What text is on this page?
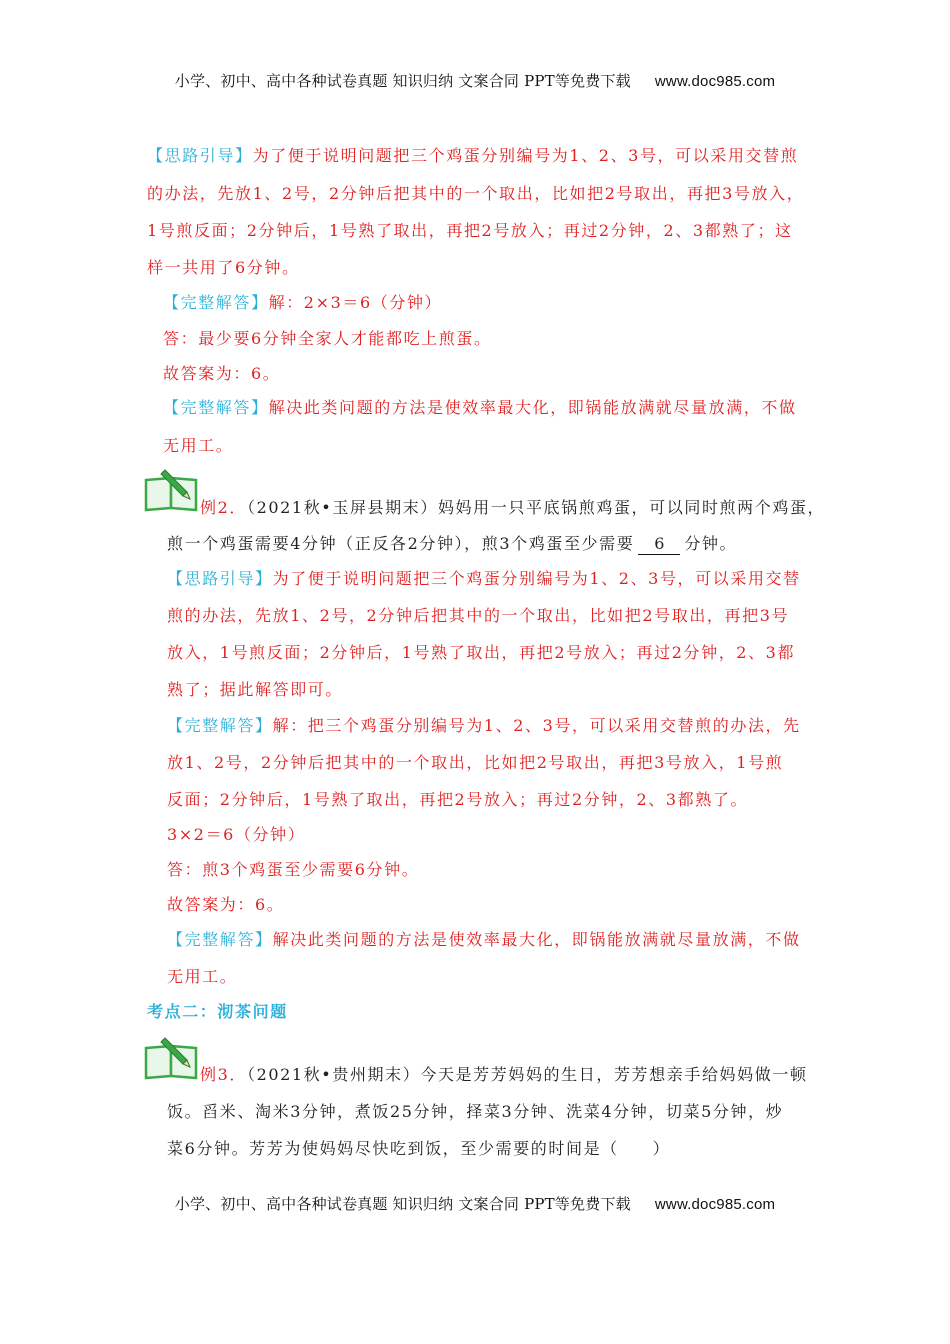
小学、初中、高中各种试卷真题 知识归纳 文案合同 PPT等免费下载 www.doc985.com
【思路引导】为了便于说明问题把三个鸡蛋分别编号为1、2、3号，可以采用交替煎
的办法，先放1、2号，2分钟后把其中的一个取出，比如把2号取出，再把3号放入，
1号煎反面；2分钟后，1号熟了取出，再把2号放入；再过2分钟，2、3都熟了；这
样一共用了6分钟。
【完整解答】解：2×3＝6（分钟）
答：最少要6分钟全家人才能都吃上煎蛋。
故答案为：6。
【完整解答】解决此类问题的方法是使效率最大化，即锅能放满就尽量放满，不做
无用工。
例2．（2021秋•玉屏县期末）妈妈用一只平底锅煎鸡蛋，可以同时煎两个鸡蛋，
煎一个鸡蛋需要4分钟（正反各2分钟），煎3个鸡蛋至少需要 6 分钟。
【思路引导】为了便于说明问题把三个鸡蛋分别编号为1、2、3号，可以采用交替
煎的办法，先放1、2号，2分钟后把其中的一个取出，比如把2号取出，再把3号
放入，1号煎反面；2分钟后，1号熟了取出，再把2号放入；再过2分钟，2、3都
熟了；据此解答即可。
【完整解答】解：把三个鸡蛋分别编号为1、2、3号，可以采用交替煎的办法，先
放1、2号，2分钟后把其中的一个取出，比如把2号取出，再把3号放入，1号煎
反面；2分钟后，1号熟了取出，再把2号放入；再过2分钟，2、3都熟了。
3×2＝6（分钟）
答：煎3个鸡蛋至少需要6分钟。
故答案为：6。
【完整解答】解决此类问题的方法是使效率最大化，即锅能放满就尽量放满，不做
无用工。
考点二：沏茶问题
例3．（2021秋•贵州期末）今天是芳芳妈妈的生日，芳芳想亲手给妈妈做一顿
饭。舀米、淘米3分钟，煮饭25分钟，择菜3分钟、洗菜4分钟，切菜5分钟，炒
菜6分钟。芳芳为使妈妈尽快吃到饭，至少需要的时间是（ ）
小学、初中、高中各种试卷真题 知识归纳 文案合同 PPT等免费下载 www.doc985.com
